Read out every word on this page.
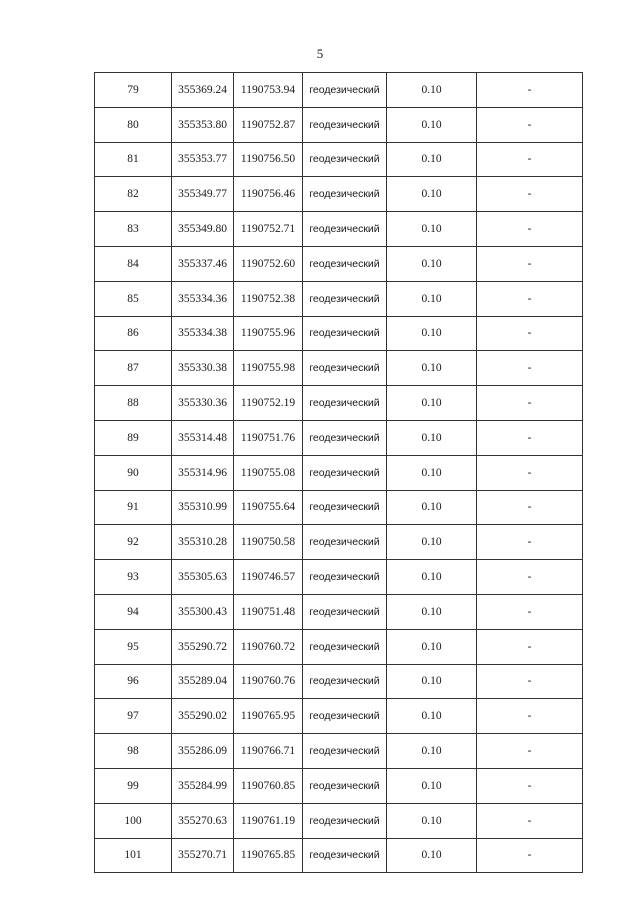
5
79	355369.24	1190753.94	геодезический	0.10	-
80	355353.80	1190752.87	геодезический	0.10	-
81	355353.77	1190756.50	геодезический	0.10	-
82	355349.77	1190756.46	геодезический	0.10	-
83	355349.80	1190752.71	геодезический	0.10	-
84	355337.46	1190752.60	геодезический	0.10	-
85	355334.36	1190752.38	геодезический	0.10	-
86	355334.38	1190755.96	геодезический	0.10	-
87	355330.38	1190755.98	геодезический	0.10	-
88	355330.36	1190752.19	геодезический	0.10	-
89	355314.48	1190751.76	геодезический	0.10	-
90	355314.96	1190755.08	геодезический	0.10	-
91	355310.99	1190755.64	геодезический	0.10	-
92	355310.28	1190750.58	геодезический	0.10	-
93	355305.63	1190746.57	геодезический	0.10	-
94	355300.43	1190751.48	геодезический	0.10	-
95	355290.72	1190760.72	геодезический	0.10	-
96	355289.04	1190760.76	геодезический	0.10	-
97	355290.02	1190765.95	геодезический	0.10	-
98	355286.09	1190766.71	геодезический	0.10	-
99	355284.99	1190760.85	геодезический	0.10	-
100	355270.63	1190761.19	геодезический	0.10	-
101	355270.71	1190765.85	геодезический	0.10	-
